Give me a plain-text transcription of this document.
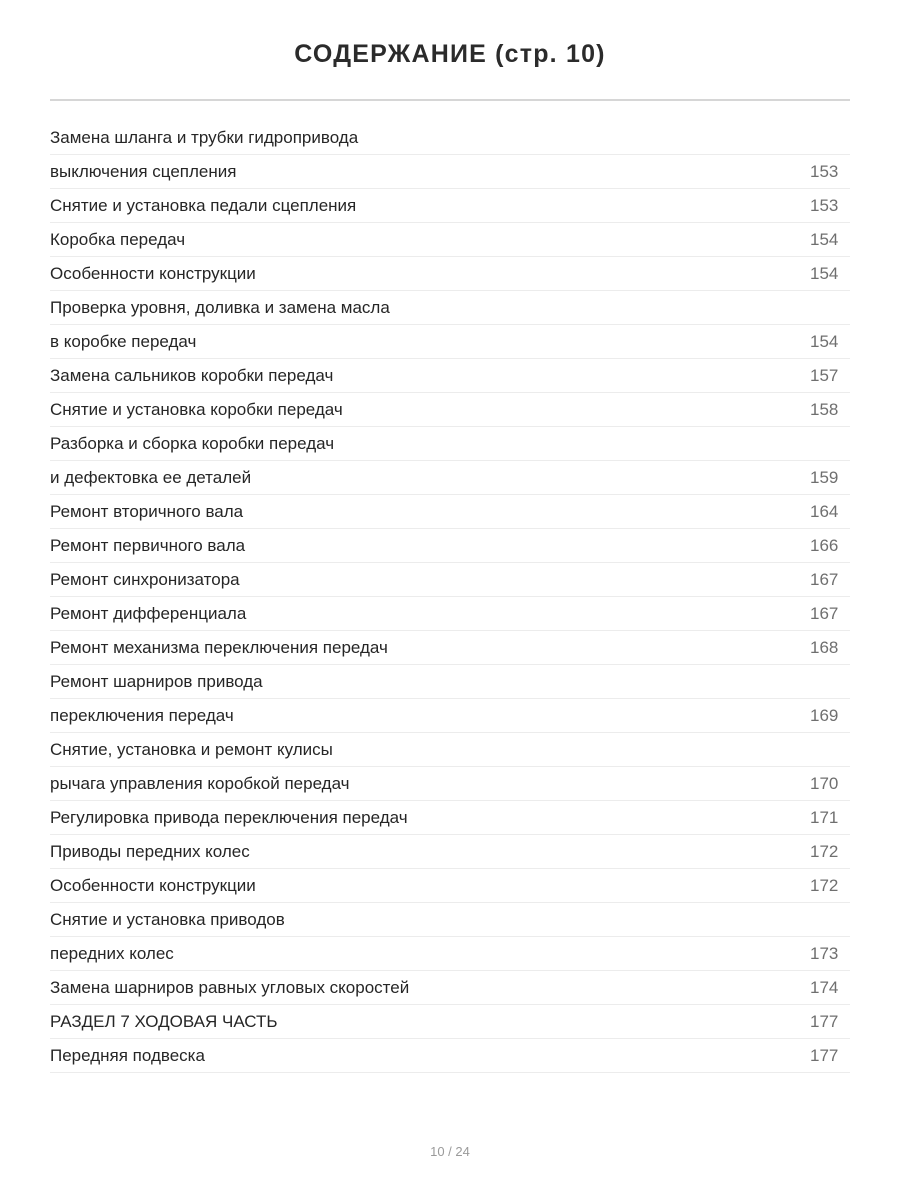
СОДЕРЖАНИЕ (стр. 10)
Замена шланга и трубки гидропривода
выключения сцепления	153
Снятие и установка педали сцепления	153
Коробка передач	154
Особенности конструкции	154
Проверка уровня, доливка и замена масла
в коробке передач	154
Замена сальников коробки передач	157
Снятие и установка коробки передач	158
Разборка и сборка коробки передач
и дефектовка ее деталей	159
Ремонт вторичного вала	164
Ремонт первичного вала	166
Ремонт синхронизатора	167
Ремонт дифференциала	167
Ремонт механизма переключения передач	168
Ремонт шарниров привода
переключения передач	169
Снятие, установка и ремонт кулисы
рычага управления коробкой передач	170
Регулировка привода переключения передач	171
Приводы передних колес	172
Особенности конструкции	172
Снятие и установка приводов
передних колес	173
Замена шарниров равных угловых скоростей	174
РАЗДЕЛ 7 ХОДОВАЯ ЧАСТЬ	177
Передняя подвеска	177
10 / 24
